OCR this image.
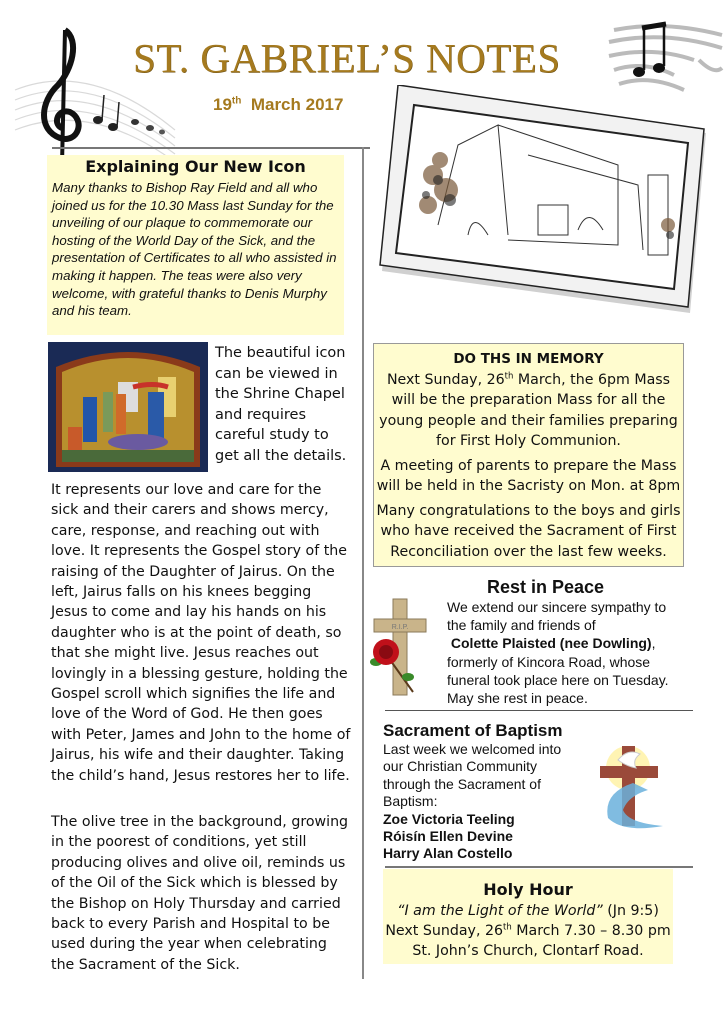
ST. GABRIEL’S NOTES
19th March 2017
Explaining Our New Icon

Many thanks to Bishop Ray Field and all who joined us for the 10.30 Mass last Sunday for the unveiling of our plaque to commemorate our hosting of the World Day of the Sick, and the presentation of Certificates to all who assisted in making it happen. The teas were also very welcome, with grateful thanks to Denis Murphy and his team.

The beautiful icon can be viewed in the Shrine Chapel and requires careful study to get all the details.

It represents our love and care for the sick and their carers and shows mercy, care, response, and reaching out with love. It represents the Gospel story of the raising of the Daughter of Jairus. On the left, Jairus falls on his knees begging Jesus to come and lay his hands on his daughter who is at the point of death, so that she might live. Jesus reaches out lovingly in a blessing gesture, holding the Gospel scroll which signifies the life and love of the Word of God. He then goes with Peter, James and John to the home of Jairus, his wife and their daughter. Taking the child’s hand, Jesus restores her to life.

The olive tree in the background, growing in the poorest of conditions, yet still producing olives and olive oil, reminds us of the Oil of the Sick which is blessed by the Bishop on Holy Thursday and carried back to every Parish and Hospital to be used during the year when celebrating the Sacrament of the Sick.

DO THS IN MEMORY

Next Sunday, 26th March, the 6pm Mass will be the preparation Mass for all the young people and their families preparing for First Holy Communion.

A meeting of parents to prepare the Mass will be held in the Sacristy on Mon. at 8pm

Many congratulations to the boys and girls who have received the Sacrament of First Reconciliation over the last few weeks.

Rest in Peace
R.I.P.
We extend our sincere sympathy to the family and friends of
Colette Plaisted (nee Dowling),
formerly of Kincora Road, whose funeral took place here on Tuesday. May she rest in peace.
Sacrament of Baptism
Last week we welcomed into our Christian Community through the Sacrament of Baptism:
Zoe Victoria Teeling
Róisín Ellen Devine
Harry Alan Costello
Holy Hour

“I am the Light of the World” (Jn 9:5)

Next Sunday, 26th March 7.30 – 8.30 pm

St. John’s Church, Clontarf Road.
